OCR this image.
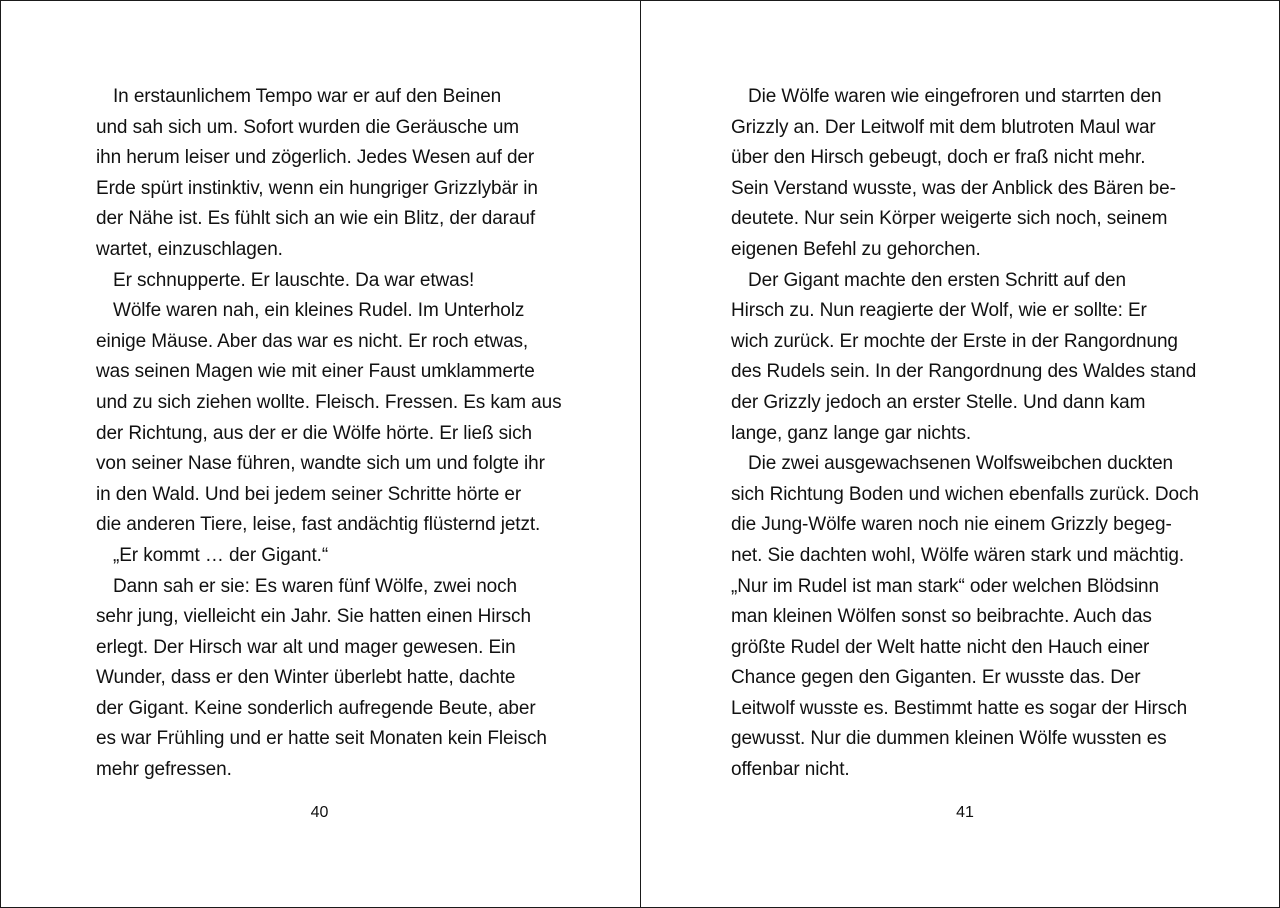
In erstaunlichem Tempo war er auf den Beinen
und sah sich um. Sofort wurden die Geräusche um
ihn herum leiser und zögerlich. Jedes Wesen auf der
Erde spürt instinktiv, wenn ein hungriger Grizzlybär in
der Nähe ist. Es fühlt sich an wie ein Blitz, der darauf
wartet, einzuschlagen.
Er schnupperte. Er lauschte. Da war etwas!
Wölfe waren nah, ein kleines Rudel. Im Unterholz
einige Mäuse. Aber das war es nicht. Er roch etwas,
was seinen Magen wie mit einer Faust umklammerte
und zu sich ziehen wollte. Fleisch. Fressen. Es kam aus
der Richtung, aus der er die Wölfe hörte. Er ließ sich
von seiner Nase führen, wandte sich um und folgte ihr
in den Wald. Und bei jedem seiner Schritte hörte er
die anderen Tiere, leise, fast andächtig flüsternd jetzt.
„Er kommt … der Gigant.“
Dann sah er sie: Es waren fünf Wölfe, zwei noch
sehr jung, vielleicht ein Jahr. Sie hatten einen Hirsch
erlegt. Der Hirsch war alt und mager gewesen. Ein
Wunder, dass er den Winter überlebt hatte, dachte
der Gigant. Keine sonderlich aufregende Beute, aber
es war Frühling und er hatte seit Monaten kein Fleisch
mehr gefressen.
40
Die Wölfe waren wie eingefroren und starrten den
Grizzly an. Der Leitwolf mit dem blutroten Maul war
über den Hirsch gebeugt, doch er fraß nicht mehr.
Sein Verstand wusste, was der Anblick des Bären be-
deutete. Nur sein Körper weigerte sich noch, seinem
eigenen Befehl zu gehorchen.
Der Gigant machte den ersten Schritt auf den
Hirsch zu. Nun reagierte der Wolf, wie er sollte: Er
wich zurück. Er mochte der Erste in der Rangordnung
des Rudels sein. In der Rangordnung des Waldes stand
der Grizzly jedoch an erster Stelle. Und dann kam
lange, ganz lange gar nichts.
Die zwei ausgewachsenen Wolfsweibchen duckten
sich Richtung Boden und wichen ebenfalls zurück. Doch
die Jung-Wölfe waren noch nie einem Grizzly begeg-
net. Sie dachten wohl, Wölfe wären stark und mächtig.
„Nur im Rudel ist man stark“ oder welchen Blödsinn
man kleinen Wölfen sonst so beibrachte. Auch das
größte Rudel der Welt hatte nicht den Hauch einer
Chance gegen den Giganten. Er wusste das. Der
Leitwolf wusste es. Bestimmt hatte es sogar der Hirsch
gewusst. Nur die dummen kleinen Wölfe wussten es
offenbar nicht.
41
